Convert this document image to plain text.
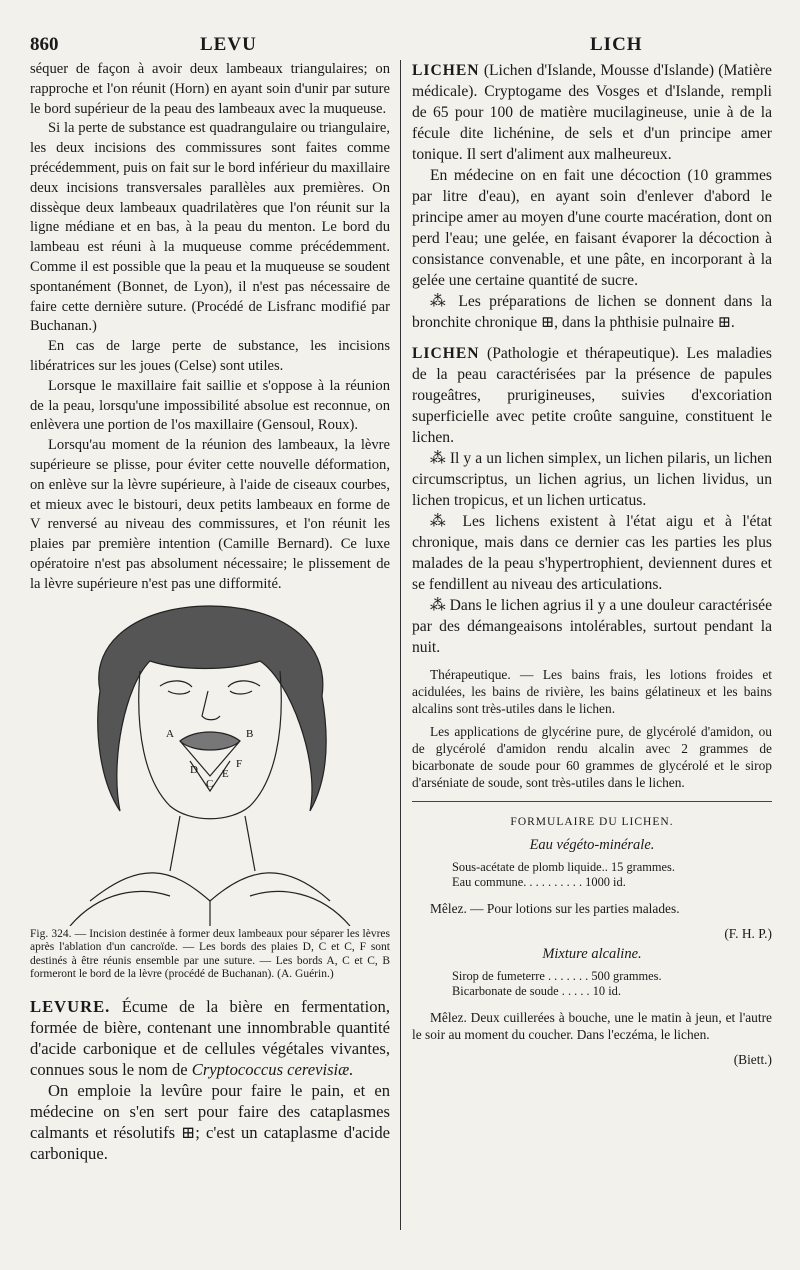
860	LEVU	LICH

séquer de façon à avoir deux lambeaux triangulaires; on rapproche et l'on réunit (Horn) en ayant soin d'unir par suture le bord supérieur de la peau des lambeaux avec la muqueuse.

Si la perte de substance est quadrangulaire ou triangulaire, les deux incisions des commissures sont faites comme précédemment, puis on fait sur le bord inférieur du maxillaire deux incisions transversales parallèles aux premières. On dissèque deux lambeaux quadrilatères que l'on réunit sur la ligne médiane et en bas, à la peau du menton. Le bord du lambeau est réuni à la muqueuse comme précédemment. Comme il est possible que la peau et la muqueuse se soudent spontanément (Bonnet, de Lyon), il n'est pas nécessaire de faire cette dernière suture. (Procédé de Lisfranc modifié par Buchanan.)

En cas de large perte de substance, les incisions libératrices sur les joues (Celse) sont utiles.

Lorsque le maxillaire fait saillie et s'oppose à la réunion de la peau, lorsqu'une impossibilité absolue est reconnue, on enlèvera une portion de l'os maxillaire (Gensoul, Roux).

Lorsqu'au moment de la réunion des lambeaux, la lèvre supérieure se plisse, pour éviter cette nouvelle déformation, on enlève sur la lèvre supérieure, à l'aide de ciseaux courbes, et mieux avec le bistouri, deux petits lambeaux en forme de V renversé au niveau des commissures, et l'on réunit les plaies par première intention (Camille Bernard). Ce luxe opératoire n'est pas absolument nécessaire; le plissement de la lèvre supérieure n'est pas une difformité.

A	B
D
C
E
F
Fig. 324. — Incision destinée à former deux lambeaux pour séparer les lèvres après l'ablation d'un cancroïde. — Les bords des plaies D, C et C, F sont destinés à être réunis ensemble par une suture. — Les bords A, C et C, B formeront le bord de la lèvre (procédé de Buchanan). (A. Guérin.)

LEVURE. Écume de la bière en fermentation, formée de bière, contenant une innombrable quantité d'acide carbonique et de cellules végétales vivantes, connues sous le nom de Cryptococcus cerevisiæ.

On emploie la levûre pour faire le pain, et en médecine on s'en sert pour faire des cataplasmes calmants et résolutifs ⊞; c'est un cataplasme d'acide carbonique.

LICHEN (Lichen d'Islande, Mousse d'Islande) (Matière médicale). Cryptogame des Vosges et d'Islande, rempli de 65 pour 100 de matière mucilagineuse, unie à de la fécule dite lichénine, de sels et d'un principe amer tonique. Il sert d'aliment aux malheureux.

En médecine on en fait une décoction (10 grammes par litre d'eau), en ayant soin d'enlever d'abord le principe amer au moyen d'une courte macération, dont on perd l'eau; une gelée, en faisant évaporer la décoction à consistance convenable, et une pâte, en incorporant à la gelée une certaine quantité de sucre.

⁂ Les préparations de lichen se donnent dans la bronchite chronique ⊞, dans la phthisie pulnaire ⊞.

LICHEN (Pathologie et thérapeutique). Les maladies de la peau caractérisées par la présence de papules rougeâtres, prurigineuses, suivies d'excoriation superficielle avec petite croûte sanguine, constituent le lichen.

⁂ Il y a un lichen simplex, un lichen pilaris, un lichen circumscriptus, un lichen agrius, un lichen lividus, un lichen tropicus, et un lichen urticatus.

⁂ Les lichens existent à l'état aigu et à l'état chronique, mais dans ce dernier cas les parties les plus malades de la peau s'hypertrophient, deviennent dures et se fendillent au niveau des articulations.

⁂ Dans le lichen agrius il y a une douleur caractérisée par des démangeaisons intolérables, surtout pendant la nuit.

Thérapeutique. — Les bains frais, les lotions froides et acidulées, les bains de rivière, les bains gélatineux et les bains alcalins sont très-utiles dans le lichen.

Les applications de glycérine pure, de glycérolé d'amidon, ou de glycérolé d'amidon rendu alcalin avec 2 grammes de bicarbonate de soude pour 60 grammes de glycérolé et le sirop d'arséniate de soude, sont très-utiles dans le lichen.

FORMULAIRE DU LICHEN.
Eau végéto-minérale.
Sous-acétate de plomb liquide.. 15 grammes.
Eau commune. . . . . . . . . . 1000 id.

Mêlez. — Pour lotions sur les parties malades.

(F. H. P.)
Mixture alcaline.
Sirop de fumeterre . . . . . . . 500 grammes.
Bicarbonate de soude . . . . . 10 id.

Mêlez. Deux cuillerées à bouche, une le matin à jeun, et l'autre le soir au moment du coucher. Dans l'eczéma, le lichen.

(Biett.)
